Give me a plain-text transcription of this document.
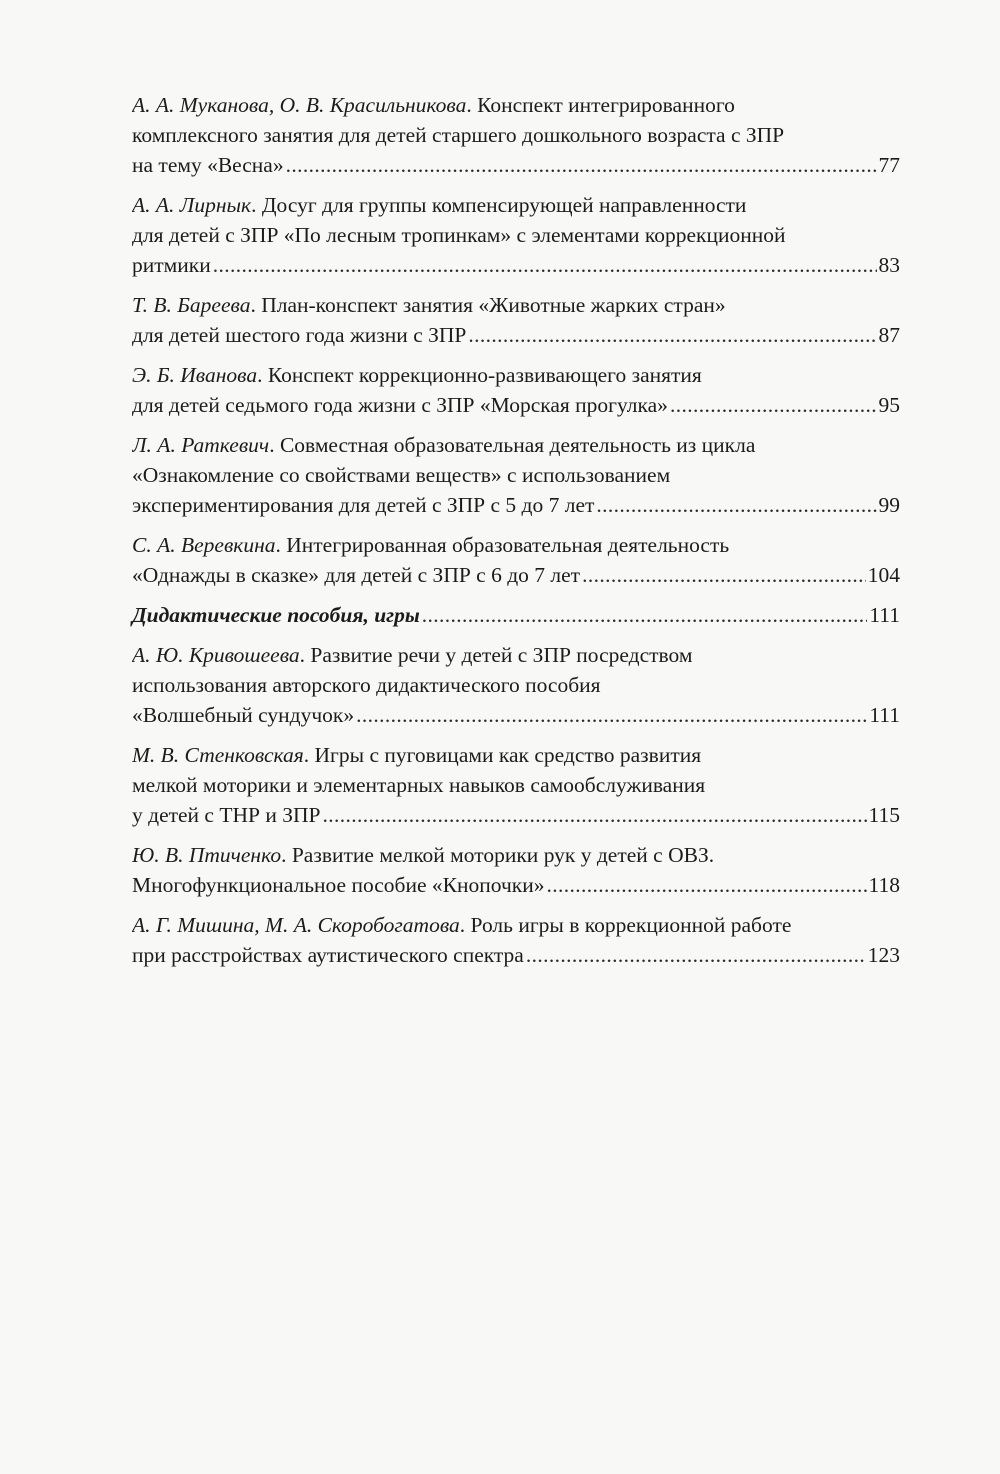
А. А. Муканова, О. В. Красильникова. Конспект интегрированного
комплексного занятия для детей старшего дошкольного возраста с ЗПР
на тему «Весна» . . .	77
А. А. Лирнык. Досуг для группы компенсирующей направленности
для детей с ЗПР «По лесным тропинкам» с элементами коррекционной
ритмики . . .	83
Т. В. Бареева. План-конспект занятия «Животные жарких стран»
для детей шестого года жизни с ЗПР . . .	87
Э. Б. Иванова. Конспект коррекционно-развивающего занятия
для детей седьмого года жизни с ЗПР «Морская прогулка» . . .	95
Л. А. Раткевич. Совместная образовательная деятельность из цикла
«Ознакомление со свойствами веществ» с использованием
экспериментирования для детей с ЗПР с 5 до 7 лет . . .	99
С. А. Веревкина. Интегрированная образовательная деятельность
«Однажды в сказке» для детей с ЗПР с 6 до 7 лет . . .	104
Дидактические пособия, игры . . .	111
А. Ю. Кривошеева. Развитие речи у детей с ЗПР посредством
использования авторского дидактического пособия
«Волшебный сундучок» . . .	111
М. В. Стенковская. Игры с пуговицами как средство развития
мелкой моторики и элементарных навыков самообслуживания
у детей с ТНР и ЗПР . . .	115
Ю. В. Птиченко. Развитие мелкой моторики рук у детей с ОВЗ.
Многофункциональное пособие «Кнопочки» . . .	118
А. Г. Мишина, М. А. Скоробогатова. Роль игры в коррекционной работе
при расстройствах аутистического спектра . . .	123
